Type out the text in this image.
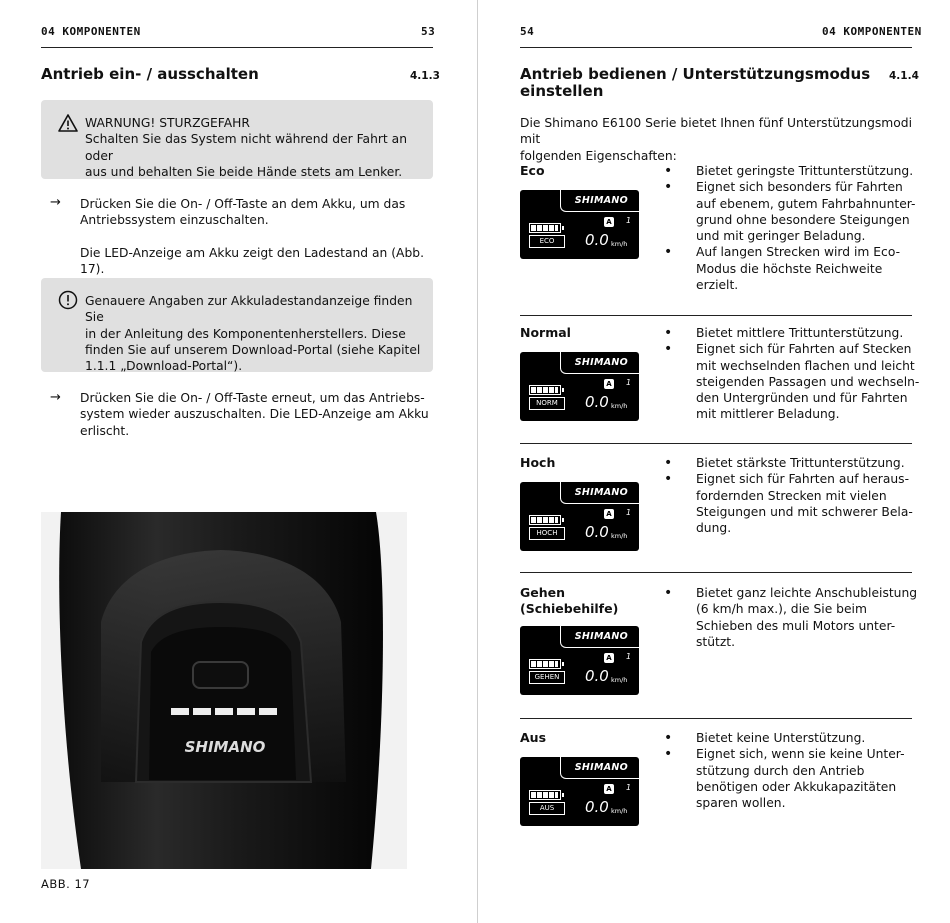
04 KOMPONENTEN	53
Antrieb ein- / ausschalten	4.1.3
WARNUNG! STURZGEFAHR
Schalten Sie das System nicht während der Fahrt an oder
aus und behalten Sie beide Hände stets am Lenker.
→ Drücken Sie die On- / Off-Taste an dem Akku, um das
Antriebssystem einzuschalten.
Die LED-Anzeige am Akku zeigt den Ladestand an (Abb. 17).
Genauere Angaben zur Akkuladestandanzeige finden Sie
in der Anleitung des Komponentenherstellers. Diese
finden Sie auf unserem Download-Portal (siehe Kapitel
1.1.1 „Download-Portal“).
→ Drücken Sie die On- / Off-Taste erneut, um das Antriebs-
system wieder auszuschalten. Die LED-Anzeige am Akku
erlischt.
SHIMANO
ABB. 17
54	04 KOMPONENTEN
Antrieb bedienen / Unterstützungsmodus
einstellen
4.1.4
Die Shimano E6100 Serie bietet Ihnen fünf Unterstützungsmodi mit
folgenden Eigenschaften:
Eco
SHIMANO
ECO
A 1
0.0 km/h
• Bietet geringste Trittunterstützung.
• Eignet sich besonders für Fahrten
auf ebenem, gutem Fahrbahnunter-
grund ohne besondere Steigungen
und mit geringer Beladung.
• Auf langen Strecken wird im Eco-
Modus die höchste Reichweite
erzielt.
Normal
SHIMANO
NORM
A 1
0.0 km/h
• Bietet mittlere Trittunterstützung.
• Eignet sich für Fahrten auf Stecken
mit wechselnden flachen und leicht
steigenden Passagen und wechseln-
den Untergründen und für Fahrten
mit mittlerer Beladung.
Hoch
SHIMANO
HOCH
A 1
0.0 km/h
• Bietet stärkste Trittunterstützung.
• Eignet sich für Fahrten auf heraus-
fordernden Strecken mit vielen
Steigungen und mit schwerer Bela-
dung.
Gehen
(Schiebehilfe)
SHIMANO
GEHEN
A 1
0.0 km/h
• Bietet ganz leichte Anschubleistung
(6 km/h max.), die Sie beim
Schieben des muli Motors unter-
stützt.
Aus
SHIMANO
AUS
A 1
0.0 km/h
• Bietet keine Unterstützung.
• Eignet sich, wenn sie keine Unter-
stützung durch den Antrieb
benötigen oder Akkukapazitäten
sparen wollen.
